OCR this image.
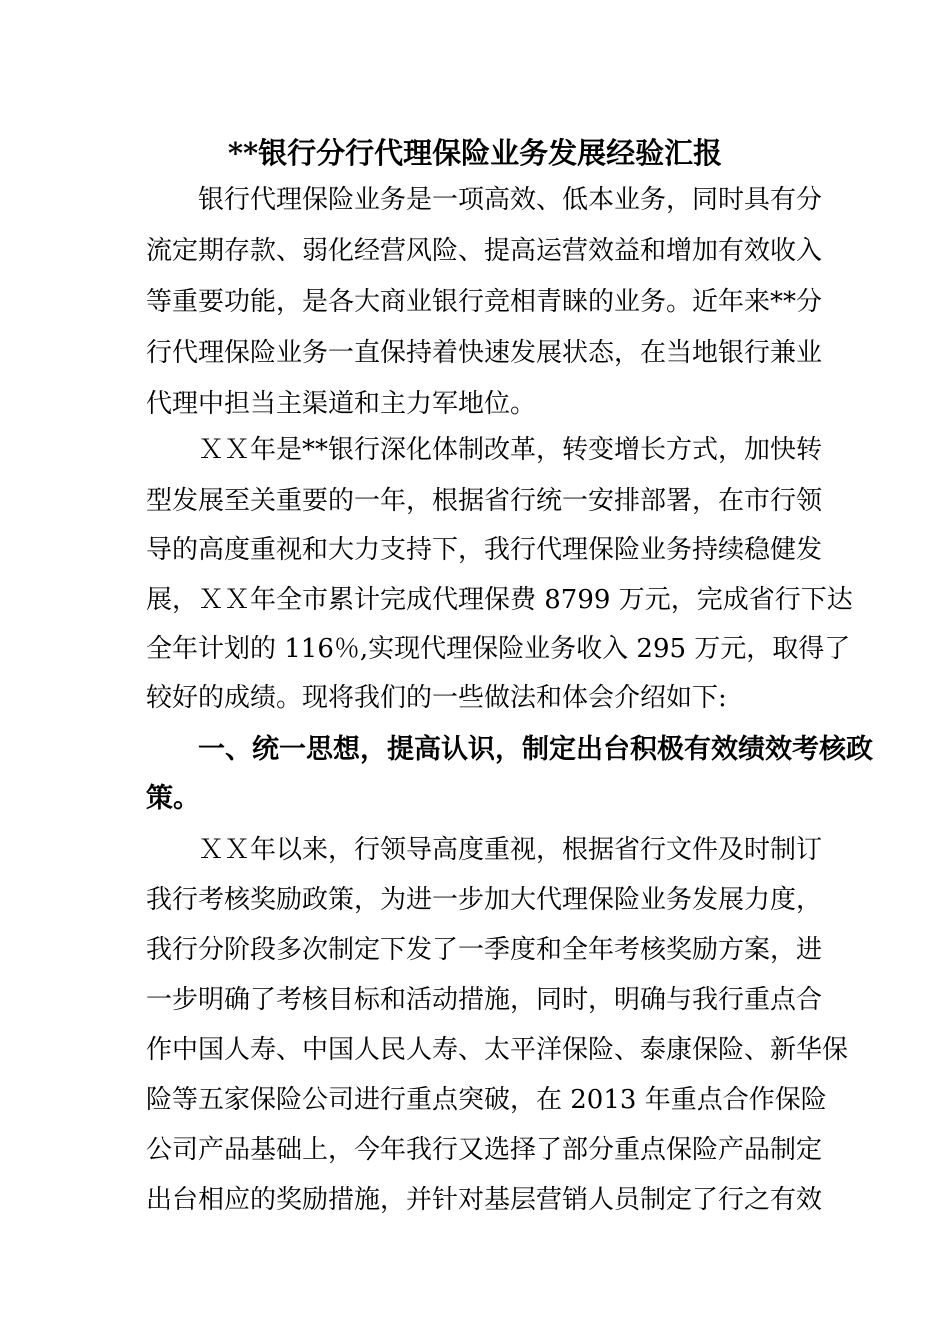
**银行分行代理保险业务发展经验汇报
银行代理保险业务是一项高效、低本业务，同时具有分
流定期存款、弱化经营风险、提高运营效益和增加有效收入
等重要功能，是各大商业银行竞相青睐的业务。近年来**分
行代理保险业务一直保持着快速发展状态，在当地银行兼业
代理中担当主渠道和主力军地位。
ＸＸ年是**银行深化体制改革，转变增长方式，加快转
型发展至关重要的一年，根据省行统一安排部署，在市行领
导的高度重视和大力支持下，我行代理保险业务持续稳健发
展，ＸＸ年全市累计完成代理保费 8799 万元，完成省行下达
全年计划的 116％,实现代理保险业务收入 295 万元，取得了
较好的成绩。现将我们的一些做法和体会介绍如下:
一、统一思想，提高认识，制定出台积极有效绩效考核政
策。
ＸＸ年以来，行领导高度重视，根据省行文件及时制订
我行考核奖励政策，为进一步加大代理保险业务发展力度，
我行分阶段多次制定下发了一季度和全年考核奖励方案，进
一步明确了考核目标和活动措施，同时，明确与我行重点合
作中国人寿、中国人民人寿、太平洋保险、泰康保险、新华保
险等五家保险公司进行重点突破，在 2013 年重点合作保险
公司产品基础上，今年我行又选择了部分重点保险产品制定
出台相应的奖励措施，并针对基层营销人员制定了行之有效
